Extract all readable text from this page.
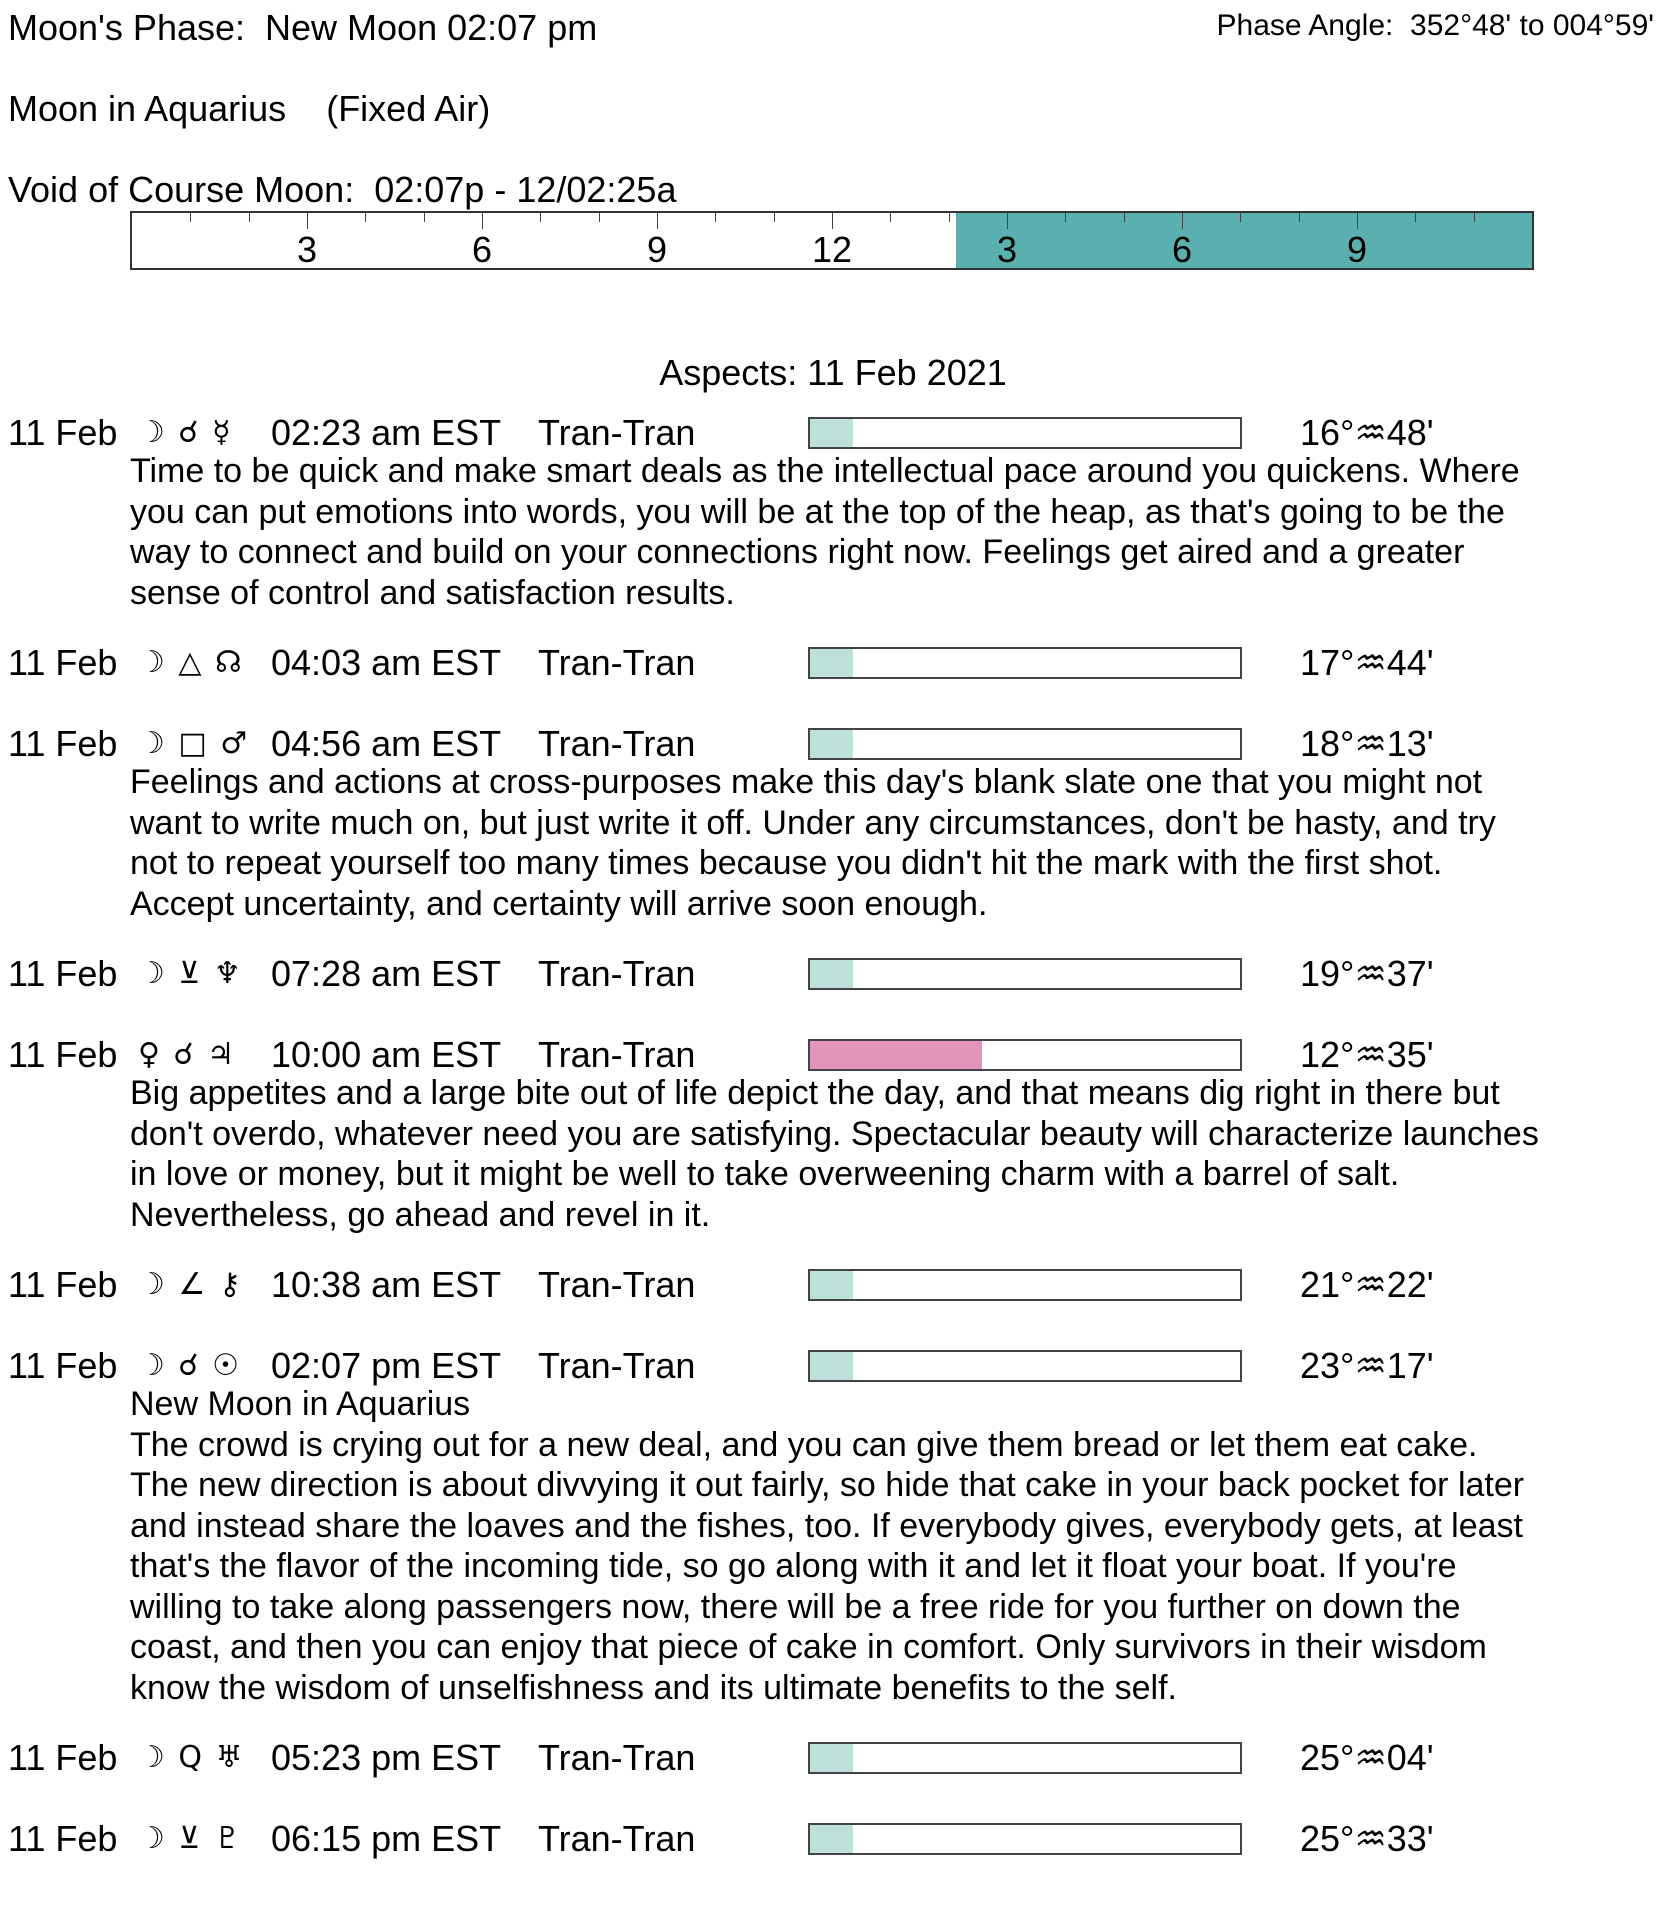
Moon's Phase: New Moon 02:07 pm	Phase Angle: 352°48' to 004°59'
Moon in Aquarius (Fixed Air)
Void of Course Moon: 02:07p - 12/02:25a
3	6	9	12	3	6	9
Aspects: 11 Feb 2021
11 Feb ☽ ☌ ☿ 02:23 am EST Tran-Tran	16°♒48'
Time to be quick and make smart deals as the intellectual pace around you quickens. Where
you can put emotions into words, you will be at the top of the heap, as that's going to be the
way to connect and build on your connections right now. Feelings get aired and a greater
sense of control and satisfaction results.
11 Feb ☽ △ ☊ 04:03 am EST Tran-Tran	17°♒44'
11 Feb ☽ □ ♂ 04:56 am EST Tran-Tran	18°♒13'
Feelings and actions at cross-purposes make this day's blank slate one that you might not
want to write much on, but just write it off. Under any circumstances, don't be hasty, and try
not to repeat yourself too many times because you didn't hit the mark with the first shot.
Accept uncertainty, and certainty will arrive soon enough.
11 Feb ☽ ⊻ ♆ 07:28 am EST Tran-Tran	19°♒37'
11 Feb ♀ ☌ ♃ 10:00 am EST Tran-Tran	12°♒35'
Big appetites and a large bite out of life depict the day, and that means dig right in there but
don't overdo, whatever need you are satisfying. Spectacular beauty will characterize launches
in love or money, but it might be well to take overweening charm with a barrel of salt.
Nevertheless, go ahead and revel in it.
11 Feb ☽ ∠ ⚷ 10:38 am EST Tran-Tran	21°♒22'
11 Feb ☽ ☌ ☉ 02:07 pm EST Tran-Tran	23°♒17'
New Moon in Aquarius
The crowd is crying out for a new deal, and you can give them bread or let them eat cake.
The new direction is about divvying it out fairly, so hide that cake in your back pocket for later
and instead share the loaves and the fishes, too. If everybody gives, everybody gets, at least
that's the flavor of the incoming tide, so go along with it and let it float your boat. If you're
willing to take along passengers now, there will be a free ride for you further on down the
coast, and then you can enjoy that piece of cake in comfort. Only survivors in their wisdom
know the wisdom of unselfishness and its ultimate benefits to the self.
11 Feb ☽ Q ♅ 05:23 pm EST Tran-Tran	25°♒04'
11 Feb ☽ ⊻ ♇ 06:15 pm EST Tran-Tran	25°♒33'
